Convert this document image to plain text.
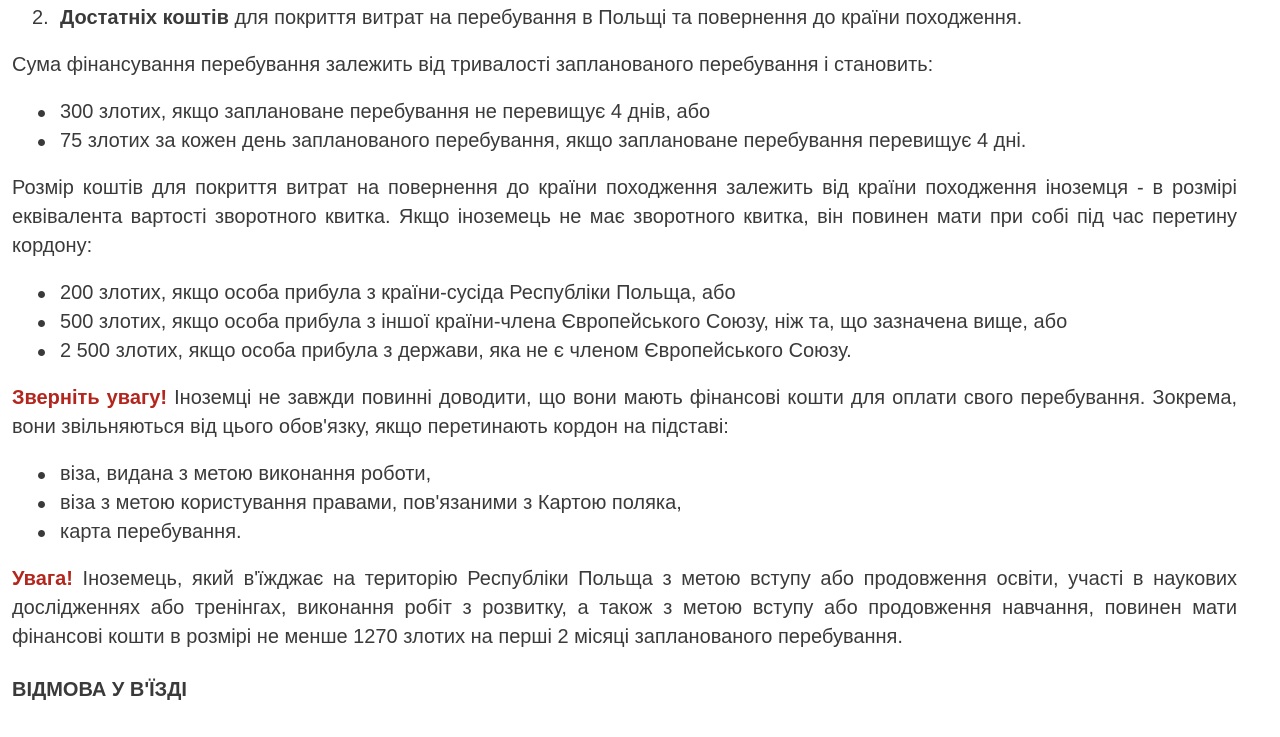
2. Достатніх коштів для покриття витрат на перебування в Польщі та повернення до країни походження.

Сума фінансування перебування залежить від тривалості запланованого перебування і становить:

300 злотих, якщо заплановане перебування не перевищує 4 днів, або
75 злотих за кожен день запланованого перебування, якщо заплановане перебування перевищує 4 дні.

Розмір коштів для покриття витрат на повернення до країни походження залежить від країни походження іноземця - в розмірі еквівалента вартості зворотного квитка. Якщо іноземець не має зворотного квитка, він повинен мати при собі під час перетину кордону:

200 злотих, якщо особа прибула з країни-сусіда Республіки Польща, або
500 злотих, якщо особа прибула з іншої країни-члена Європейського Союзу, ніж та, що зазначена вище, або
2 500 злотих, якщо особа прибула з держави, яка не є членом Європейського Союзу.

Зверніть увагу! Іноземці не завжди повинні доводити, що вони мають фінансові кошти для оплати свого перебування. Зокрема, вони звільняються від цього обов'язку, якщо перетинають кордон на підставі:

віза, видана з метою виконання роботи,
віза з метою користування правами, пов'язаними з Картою поляка,
карта перебування.

Увага! Іноземець, який в'їжджає на територію Республіки Польща з метою вступу або продовження освіти, участі в наукових дослідженнях або тренінгах, виконання робіт з розвитку, а також з метою вступу або продовження навчання, повинен мати фінансові кошти в розмірі не менше 1270 злотих на перші 2 місяці запланованого перебування.

ВІДМОВА У В'ЇЗДІ
